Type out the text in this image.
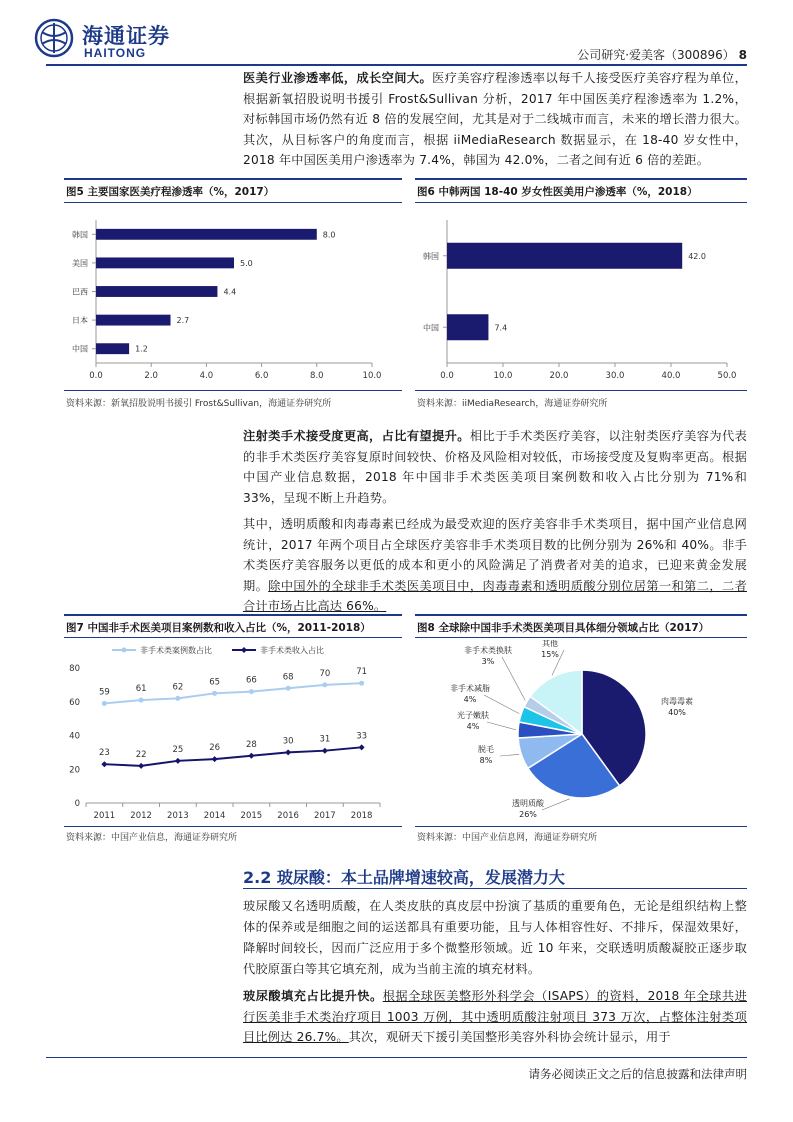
海通证券
HAITONG	公司研究·爱美客（300896） 8
医美行业渗透率低，成长空间大。医疗美容疗程渗透率以每千人接受医疗美容疗程为单位，根据新氧招股说明书援引 Frost&Sullivan 分析，2017 年中国医美疗程渗透率为 1.2%，对标韩国市场仍然有近 8 倍的发展空间，尤其是对于二线城市而言，未来的增长潜力很大。其次，从目标客户的角度而言，根据 iiMediaResearch 数据显示，在 18-40 岁女性中，2018 年中国医美用户渗透率为 7.4%，韩国为 42.0%，二者之间有近 6 倍的差距。
图5 主要国家医美疗程渗透率（%，2017）	图6 中韩两国 18-40 岁女性医美用户渗透率（%，2018）
韩国	8.0
美国	5.0
巴西	4.4
日本	2.7
中国	1.2
0.0	2.0	4.0	6.0	8.0	10.0
韩国	42.0
中国	7.4
0.0	10.0	20.0	30.0	40.0	50.0
资料来源：新氧招股说明书援引 Frost&Sullivan，海通证券研究所	资料来源：iiMediaResearch，海通证券研究所
注射类手术接受度更高，占比有望提升。相比于手术类医疗美容，以注射类医疗美容为代表的非手术类医疗美容复原时间较快、价格及风险相对较低，市场接受度及复购率更高。根据中国产业信息数据，2018 年中国非手术类医美项目案例数和收入占比分别为 71%和 33%，呈现不断上升趋势。
其中，透明质酸和肉毒毒素已经成为最受欢迎的医疗美容非手术类项目，据中国产业信息网统计，2017 年两个项目占全球医疗美容非手术类项目数的比例分别为 26%和 40%。非手术类医疗美容服务以更低的成本和更小的风险满足了消费者对美的追求，已迎来黄金发展期。除中国外的全球非手术类医美项目中，肉毒毒素和透明质酸分别位居第一和第二，二者合计市场占比高达 66%。
图7 中国非手术医美项目案例数和收入占比（%，2011-2018）	图8 全球除中国非手术类医美项目具体细分领域占比（2017）
0
20
40
60
80
2011 2012 2013 2014 2015 2016 2017 2018
59	61	62
65	66	68	70	71
非手术类案例数占比
23	22
25	26	28	30	31	33
非手术类收入占比
肉毒毒素
40%
透明质酸
26%
脱毛
8%
光子嫩肤
4%
非手术减脂
4%
非手术类换肤
3%
其他
15%
资料来源：中国产业信息，海通证券研究所	资料来源：中国产业信息网，海通证券研究所
2.2 玻尿酸：本土品牌增速较高，发展潜力大
玻尿酸又名透明质酸，在人类皮肤的真皮层中扮演了基质的重要角色，无论是组织结构上整体的保养或是细胞之间的运送都具有重要功能，且与人体相容性好、不排斥，保湿效果好，降解时间较长，因而广泛应用于多个微整形领域。近 10 年来，交联透明质酸凝胶正逐步取代胶原蛋白等其它填充剂，成为当前主流的填充材料。
玻尿酸填充占比提升快。根据全球医美整形外科学会（ISAPS）的资料，2018 年全球共进行医美非手术类治疗项目 1003 万例，其中透明质酸注射项目 373 万次，占整体注射类项目比例达 26.7%。其次，观研天下援引美国整形美容外科协会统计显示，用于
请务必阅读正文之后的信息披露和法律声明
